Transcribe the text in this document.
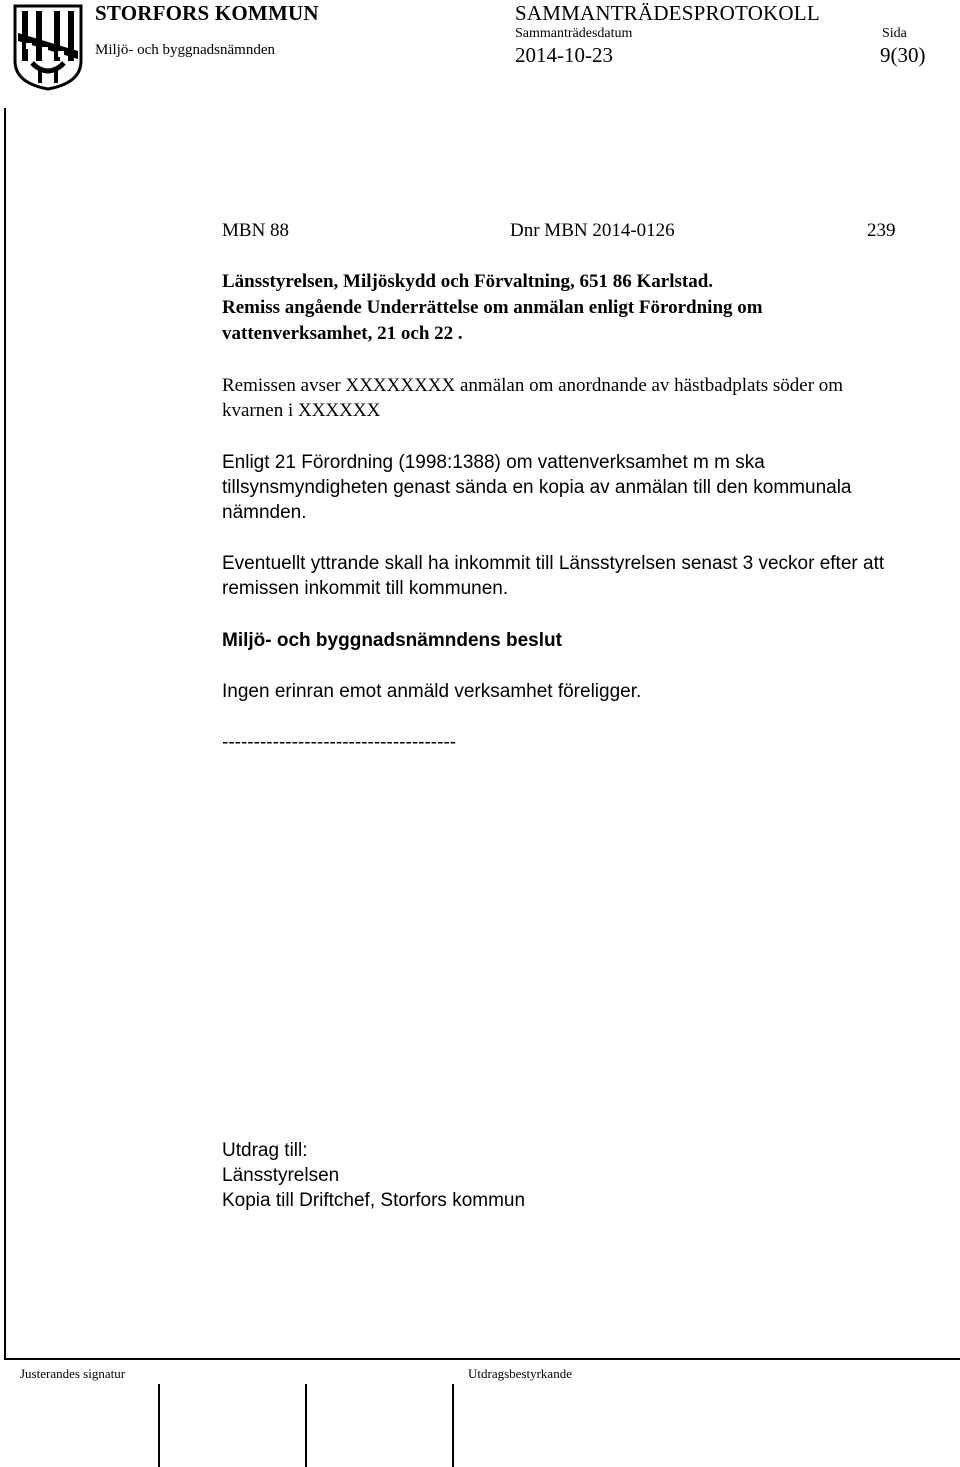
STORFORS KOMMUN
Miljö- och byggnadsnämnden
SAMMANTRÄDESPROTOKOLL
Sammanträdesdatum
2014-10-23
Sida
9(30)
MBN 88	Dnr MBN 2014-0126	239
Länsstyrelsen, Miljöskydd och Förvaltning, 651 86 Karlstad.
Remiss angående Underrättelse om anmälan enligt Förordning om
vattenverksamhet, 21 och 22 .
Remissen avser XXXXXXXX anmälan om anordnande av hästbadplats söder om
kvarnen i XXXXXX
Enligt 21 Förordning (1998:1388) om vattenverksamhet m m ska
tillsynsmyndigheten genast sända en kopia av anmälan till den kommunala
nämnden.
Eventuellt yttrande skall ha inkommit till Länsstyrelsen senast 3 veckor efter att
remissen inkommit till kommunen.
Miljö- och byggnadsnämndens beslut
Ingen erinran emot anmäld verksamhet föreligger.
-------------------------------------
Utdrag till:
Länsstyrelsen
Kopia till Driftchef, Storfors kommun
Justerandes signatur	Utdragsbestyrkande
